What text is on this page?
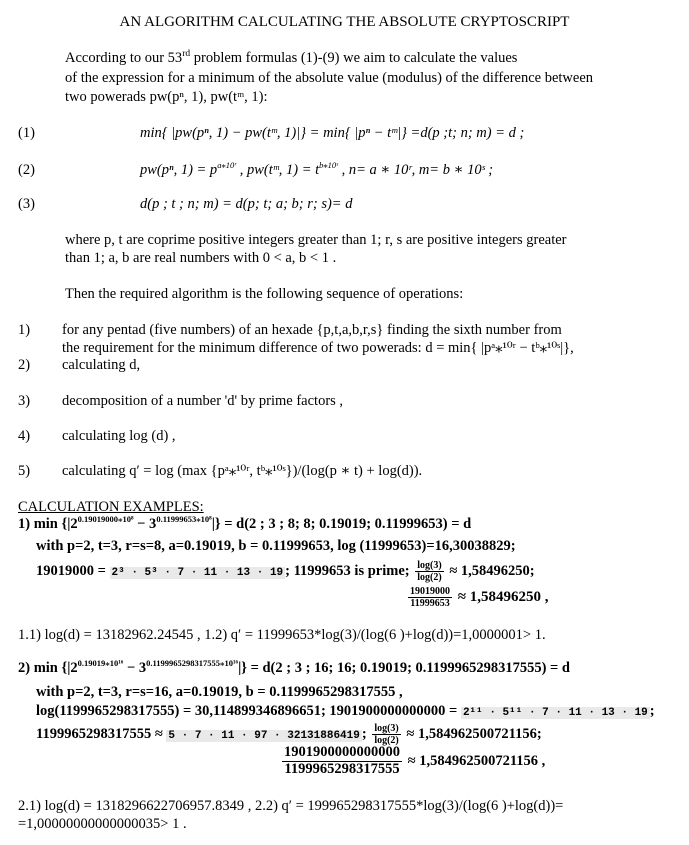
AN ALGORITHM CALCULATING THE ABSOLUTE CRYPTOSCRIPT
According to our 53rd problem formulas (1)-(9) we aim to calculate the values
of the expression for a minimum of the absolute value (modulus) of the difference between
two powerads pw(pⁿ, 1), pw(tᵐ, 1):
(1)	min{ |pw(pⁿ, 1) − pw(tᵐ, 1)|} = min{ |pⁿ − tᵐ|} =d(p ;t; n; m) = d ;
(2)	pw(pⁿ, $1) = p^{a⁎10ʳ}$ , pw(tᵐ, $1) = t^{b⁎10ˢ}$ , n= a ∗ 10ʳ, m= b ∗ 10ˢ ;
(3)	d(p ; t ; n; m) = d(p; t; a; b; r; s)= d
where p, t are coprime positive integers greater than 1; r, s are positive integers greater
than 1; a, b are real numbers with 0 < a, b < 1 .
Then the required algorithm is the following sequence of operations:
1) for any pentad (five numbers) of an hexade {p,t,a,b,r,s} finding the sixth number from
the requirement for the minimum difference of two powerads: d = min{ |pᵃ⁎¹⁰ʳ − tᵇ⁎¹⁰ˢ|},
2) calculating d,
3) decomposition of a number 'd' by prime factors ,
4) calculating log (d) ,
5) calculating q′ = log (max {pᵃ⁎¹⁰ʳ, tᵇ⁎¹⁰ˢ})/(log(p ∗ t) + log(d)).
CALCULATION EXAMPLES:
1) $\min \{|2^{0.19019000⁎10^8} - 3^{0.11999653⁎10^8}|\} = d(2$ ; 3 ; 8; 8; 0.19019; 0.11999653) = d
with p=2, t=3, r=s=8, a=0.19019, b = 0.11999653, log (11999653)=16,30038829;
19019000 = 2³ · 5³ · 7 · 11 · 13 · 19 ; 11999653 is prime; $\frac{\log(3)}{\log(2)} \approx 1,58496250$;
$\frac{19019000}{11999653} \approx 1,58496250$ ,
1.1) log(d) = 13182962.24545 , 1.2) q′ = 11999653*log(3)/(log(6 )+log(d))=1,0000001> 1.
2) $\min \{|2^{0.19019⁎10^{16}} - 3^{0.1199965298317555⁎10^{16}}|\} = d(2$ ; 3 ; 16; 16; 0.19019; 0.1199965298317555) = d
with p=2, t=3, r=s=16, a=0.19019, b = 0.1199965298317555 ,
log(1199965298317555) = 30,114899346896651; 1901900000000000 = 2¹¹ · 5¹¹ · 7 · 11 · 13 · 19 ;
1199965298317555 ≈ 5 · 7 · 11 · 97 · 32131886419 ; $\frac{\log(3)}{\log(2)} \approx 1,584962500721156$;
$\frac{1901900000000000}{1199965298317555} \approx 1,584962500721156$ ,
2.1) log(d) = 1318296622706957.8349 , 2.2) q′ = 199965298317555*log(3)/(log(6 )+log(d))=
=1,00000000000000035> 1 .
